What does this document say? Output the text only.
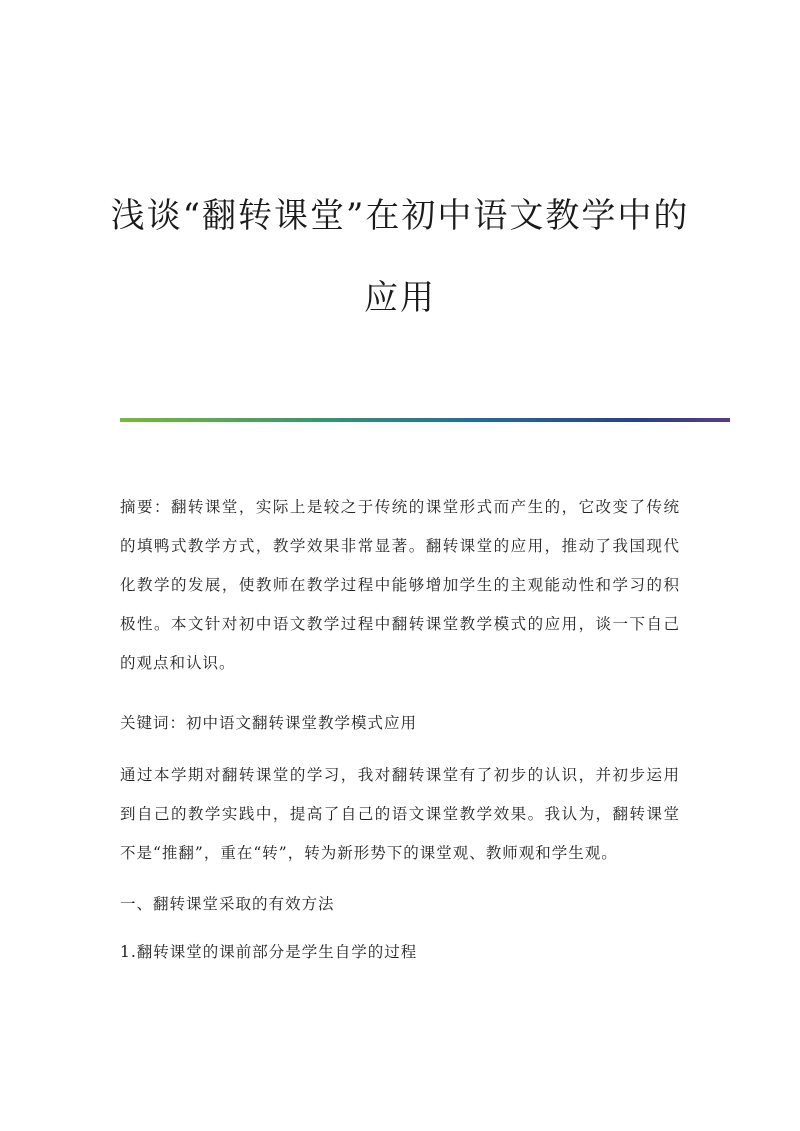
浅谈“翻转课堂”在初中语文教学中的
应用
摘要：翻转课堂，实际上是较之于传统的课堂形式而产生的，它改变了传统的填鸭式教学方式，教学效果非常显著。翻转课堂的应用，推动了我国现代化教学的发展，使教师在教学过程中能够增加学生的主观能动性和学习的积极性。本文针对初中语文教学过程中翻转课堂教学模式的应用，谈一下自己的观点和认识。
关键词：初中语文翻转课堂教学模式应用
通过本学期对翻转课堂的学习，我对翻转课堂有了初步的认识，并初步运用到自己的教学实践中，提高了自己的语文课堂教学效果。我认为，翻转课堂不是“推翻”，重在“转”，转为新形势下的课堂观、教师观和学生观。
一、翻转课堂采取的有效方法
1.翻转课堂的课前部分是学生自学的过程
